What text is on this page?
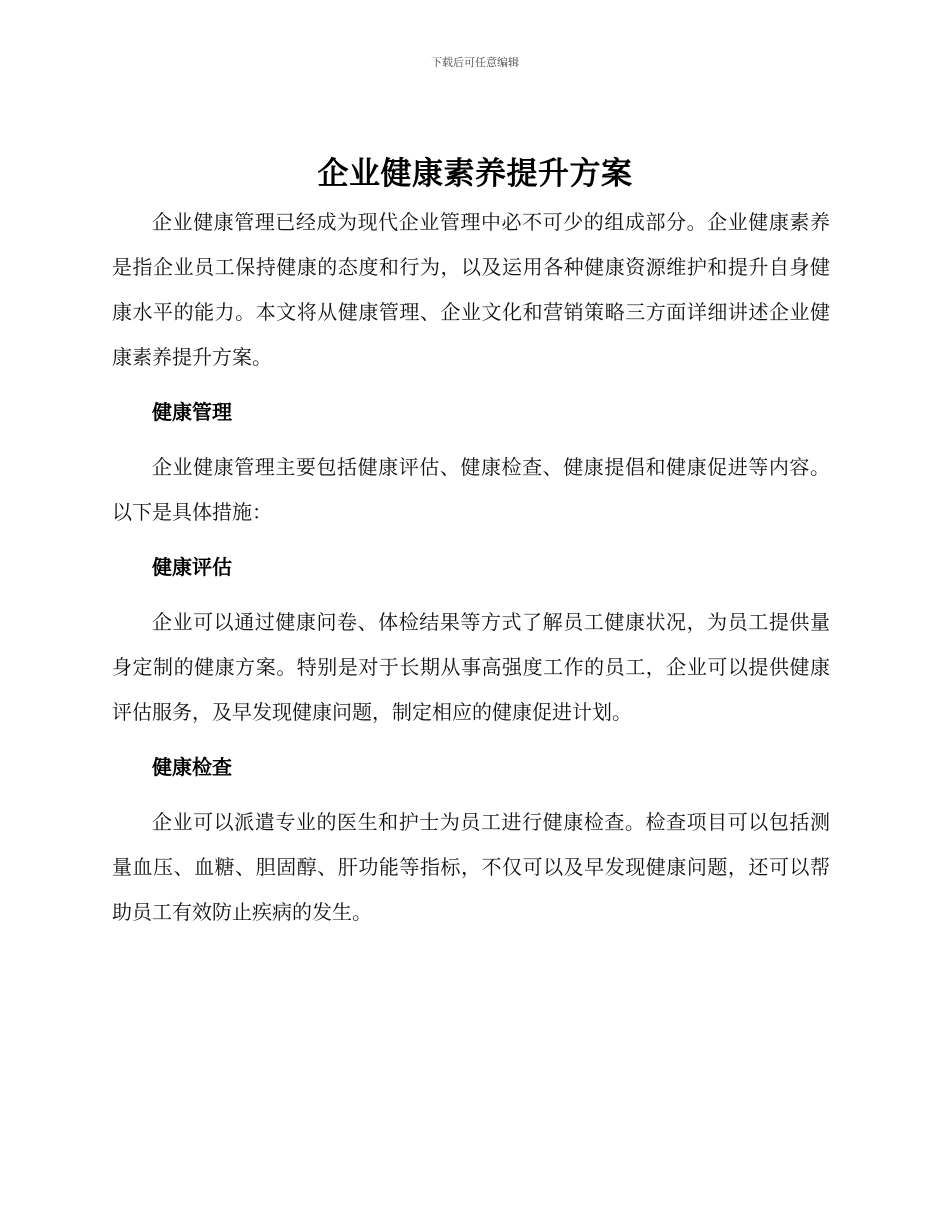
下载后可任意编辑
企业健康素养提升方案

企业健康管理已经成为现代企业管理中必不可少的组成部分。企业健康素养是指企业员工保持健康的态度和行为，以及运用各种健康资源维护和提升自身健康水平的能力。本文将从健康管理、企业文化和营销策略三方面详细讲述企业健康素养提升方案。

健康管理

企业健康管理主要包括健康评估、健康检查、健康提倡和健康促进等内容。以下是具体措施：

健康评估

企业可以通过健康问卷、体检结果等方式了解员工健康状况，为员工提供量身定制的健康方案。特别是对于长期从事高强度工作的员工，企业可以提供健康评估服务，及早发现健康问题，制定相应的健康促进计划。

健康检查

企业可以派遣专业的医生和护士为员工进行健康检查。检查项目可以包括测量血压、血糖、胆固醇、肝功能等指标，不仅可以及早发现健康问题，还可以帮助员工有效防止疾病的发生。
